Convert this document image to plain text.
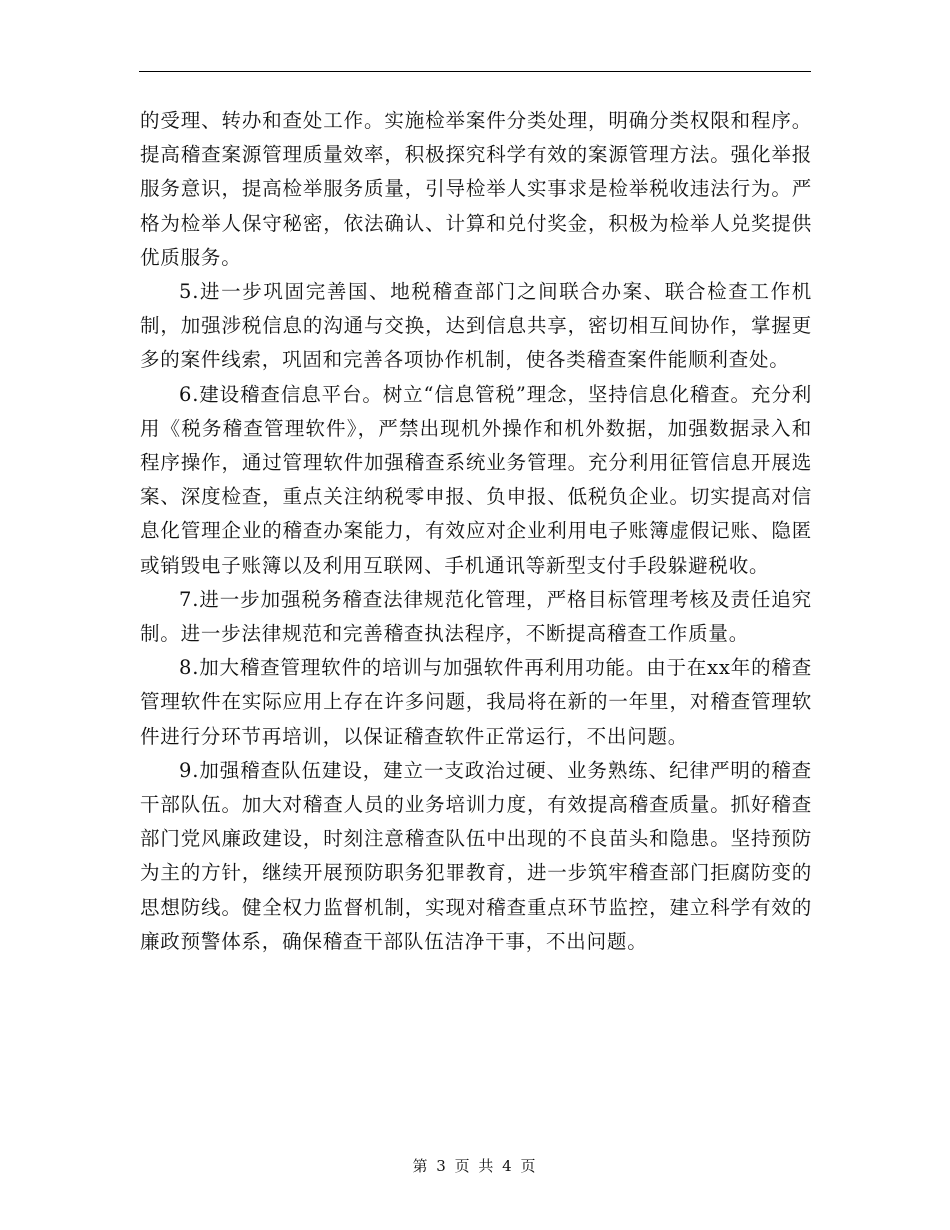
的受理、转办和查处工作。实施检举案件分类处理，明确分类权限和程序。提高稽查案源管理质量效率，积极探究科学有效的案源管理方法。强化举报服务意识，提高检举服务质量，引导检举人实事求是检举税收违法行为。严格为检举人保守秘密，依法确认、计算和兑付奖金，积极为检举人兑奖提供优质服务。

5.进一步巩固完善国、地税稽查部门之间联合办案、联合检查工作机制，加强涉税信息的沟通与交换，达到信息共享，密切相互间协作，掌握更多的案件线索，巩固和完善各项协作机制，使各类稽查案件能顺利查处。

6.建设稽查信息平台。树立“信息管税”理念，坚持信息化稽查。充分利用《税务稽查管理软件》，严禁出现机外操作和机外数据，加强数据录入和程序操作，通过管理软件加强稽查系统业务管理。充分利用征管信息开展选案、深度检查，重点关注纳税零申报、负申报、低税负企业。切实提高对信息化管理企业的稽查办案能力，有效应对企业利用电子账簿虚假记账、隐匿或销毁电子账簿以及利用互联网、手机通讯等新型支付手段躲避税收。

7.进一步加强税务稽查法律规范化管理，严格目标管理考核及责任追究制。进一步法律规范和完善稽查执法程序，不断提高稽查工作质量。

8.加大稽查管理软件的培训与加强软件再利用功能。由于在xx年的稽查管理软件在实际应用上存在许多问题，我局将在新的一年里，对稽查管理软件进行分环节再培训，以保证稽查软件正常运行，不出问题。

9.加强稽查队伍建设，建立一支政治过硬、业务熟练、纪律严明的稽查干部队伍。加大对稽查人员的业务培训力度，有效提高稽查质量。抓好稽查部门党风廉政建设，时刻注意稽查队伍中出现的不良苗头和隐患。坚持预防为主的方针，继续开展预防职务犯罪教育，进一步筑牢稽查部门拒腐防变的思想防线。健全权力监督机制，实现对稽查重点环节监控，建立科学有效的廉政预警体系，确保稽查干部队伍洁净干事，不出问题。

第 3 页 共 4 页
